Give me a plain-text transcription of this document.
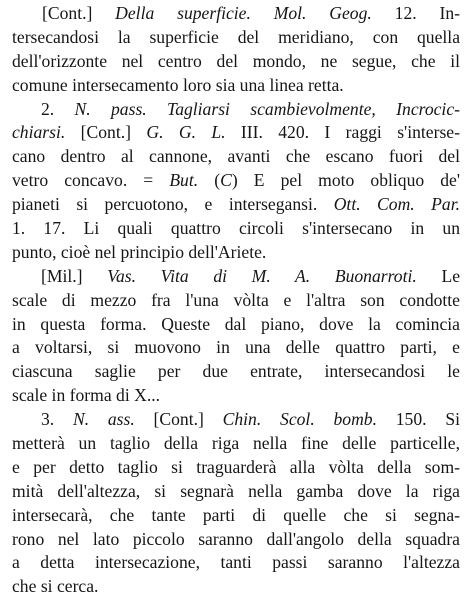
[Cont.] Della superficie. Mol. Geog. 12. In-
tersecandosi la superficie del meridiano, con quella
dell'orizzonte nel centro del mondo, ne segue, che il
comune intersecamento loro sia una linea retta.
2. N. pass. Tagliarsi scambievolmente, Incrocic-
chiarsi. [Cont.] G. G. L. III. 420. I raggi s'interse-
cano dentro al cannone, avanti che escano fuori del
vetro concavo. = But. (C) E pel moto obliquo de'
pianeti si percuotono, e intersegansi. Ott. Com. Par.
1. 17. Li quali quattro circoli s'intersecano in un
punto, cioè nel principio dell'Ariete.
[Mil.] Vas. Vita di M. A. Buonarroti. Le
scale di mezzo fra l'una vòlta e l'altra son condotte
in questa forma. Queste dal piano, dove la comincia
a voltarsi, si muovono in una delle quattro parti, e
ciascuna saglie per due entrate, intersecandosi le
scale in forma di X...
3. N. ass. [Cont.] Chin. Scol. bomb. 150. Si
metterà un taglio della riga nella fine delle particelle,
e per detto taglio si traguarderà alla vòlta della som-
mità dell'altezza, si segnarà nella gamba dove la riga
intersecarà, che tante parti di quelle che si segna-
rono nel lato piccolo saranno dall'angolo della squadra
a detta intersecazione, tanti passi saranno l'altezza
che si cerca.
